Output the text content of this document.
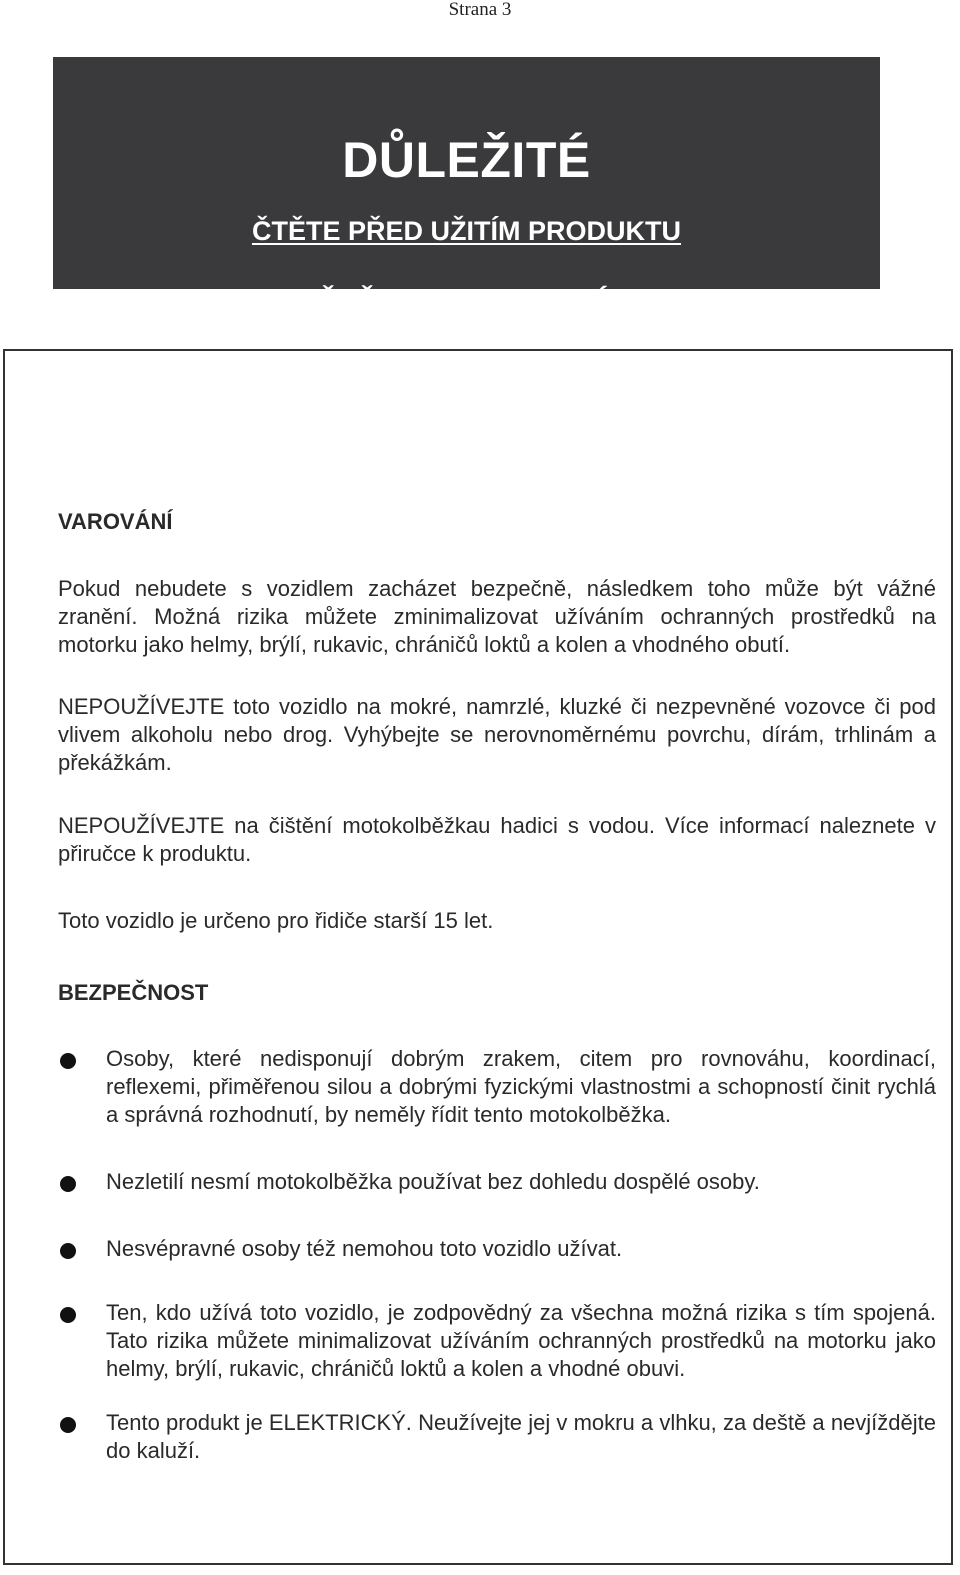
Strana 3
DŮLEŽITÉ
ČTĚTE PŘED UŽITÍM PRODUKTU
ČTĚTE JAKO PRVNÍ!
VAROVÁNÍ
Pokud nebudete s vozidlem zacházet bezpečně, následkem toho může být vážné zranění. Možná rizika můžete zminimalizovat užíváním ochranných prostředků na motorku jako helmy, brýlí, rukavic, chráničů loktů a kolen a vhodného obutí.
NEPOUŽÍVEJTE toto vozidlo na mokré, namrzlé, kluzké či nezpevněné vozovce či pod vlivem alkoholu nebo drog. Vyhýbejte se nerovnoměrnému povrchu, dírám, trhlinám a překážkám.
NEPOUŽÍVEJTE na čištění motokolběžkau hadici s vodou. Více informací naleznete v přiručce k produktu.
Toto vozidlo je určeno pro řidiče starší 15 let.
BEZPEČNOST
Osoby, které nedisponují dobrým zrakem, citem pro rovnováhu, koordinací, reflexemi, přiměřenou silou a dobrými fyzickými vlastnostmi a schopností činit rychlá a správná rozhodnutí, by neměly řídit tento motokolběžka.
Nezletilí nesmí motokolběžka používat bez dohledu dospělé osoby.
Nesvépravné osoby též nemohou toto vozidlo užívat.
Ten, kdo užívá toto vozidlo, je zodpovědný za všechna možná rizika s tím spojená. Tato rizika můžete minimalizovat užíváním ochranných prostředků na motorku jako helmy, brýlí, rukavic, chráničů loktů a kolen a vhodné obuvi.
Tento produkt je ELEKTRICKÝ. Neužívejte jej v mokru a vlhku, za deště a nevjíždějte do kaluží.
